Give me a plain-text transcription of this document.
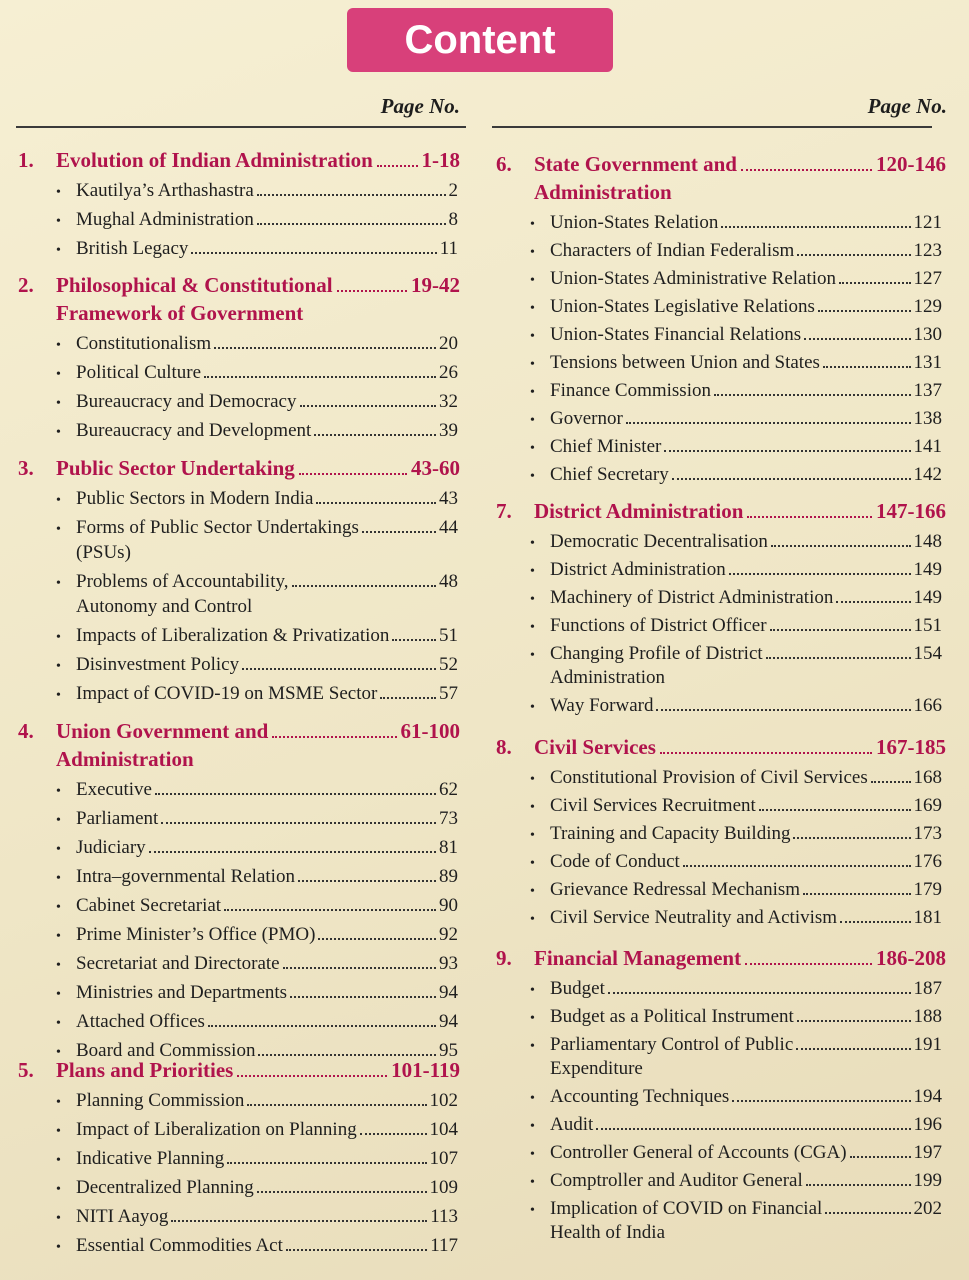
Content
Page No.
1.	Evolution of Indian Administration 1-18
• Kautilya’s Arthashastra	2
• Mughal Administration	8
• British Legacy	11
2.	Philosophical & Constitutional	19-42
Framework of Government
• Constitutionalism	20
• Political Culture	26
• Bureaucracy and Democracy	32
• Bureaucracy and Development	39
3.	Public Sector Undertaking	43-60
• Public Sectors in Modern India	43
• Forms of Public Sector Undertakings	44
(PSUs)
• Problems of Accountability,	48
Autonomy and Control
• Impacts of Liberalization & Privatization	51
• Disinvestment Policy	52
• Impact of COVID-19 on MSME Sector	57
4.	Union Government and	61-100
Administration
• Executive	62
• Parliament	73
• Judiciary	81
• Intra–governmental Relation	89
• Cabinet Secretariat	90
• Prime Minister’s Office (PMO)	92
• Secretariat and Directorate	93
• Ministries and Departments	94
• Attached Offices	94
• Board and Commission	95
5.	Plans and Priorities	101-119
• Planning Commission	102
• Impact of Liberalization on Planning	104
• Indicative Planning	107
• Decentralized Planning	109
• NITI Aayog	113
• Essential Commodities Act	117
Page No.
6.	State Government and	120-146
Administration
• Union-States Relation	121
• Characters of Indian Federalism	123
• Union-States Administrative Relation	127
• Union-States Legislative Relations	129
• Union-States Financial Relations	130
• Tensions between Union and States	131
• Finance Commission	137
• Governor	138
• Chief Minister	141
• Chief Secretary	142
7.	District Administration	147-166
• Democratic Decentralisation	148
• District Administration	149
• Machinery of District Administration	149
• Functions of District Officer	151
• Changing Profile of District	154
Administration
• Way Forward	166
8.	Civil Services	167-185
• Constitutional Provision of Civil Services 168
• Civil Services Recruitment	169
• Training and Capacity Building	173
• Code of Conduct	176
• Grievance Redressal Mechanism	179
• Civil Service Neutrality and Activism	181
9.	Financial Management	186-208
• Budget	187
• Budget as a Political Instrument	188
• Parliamentary Control of Public	191
Expenditure
• Accounting Techniques	194
• Audit	196
• Controller General of Accounts (CGA)	197
• Comptroller and Auditor General	199
• Implication of COVID on Financial	202
Health of India
